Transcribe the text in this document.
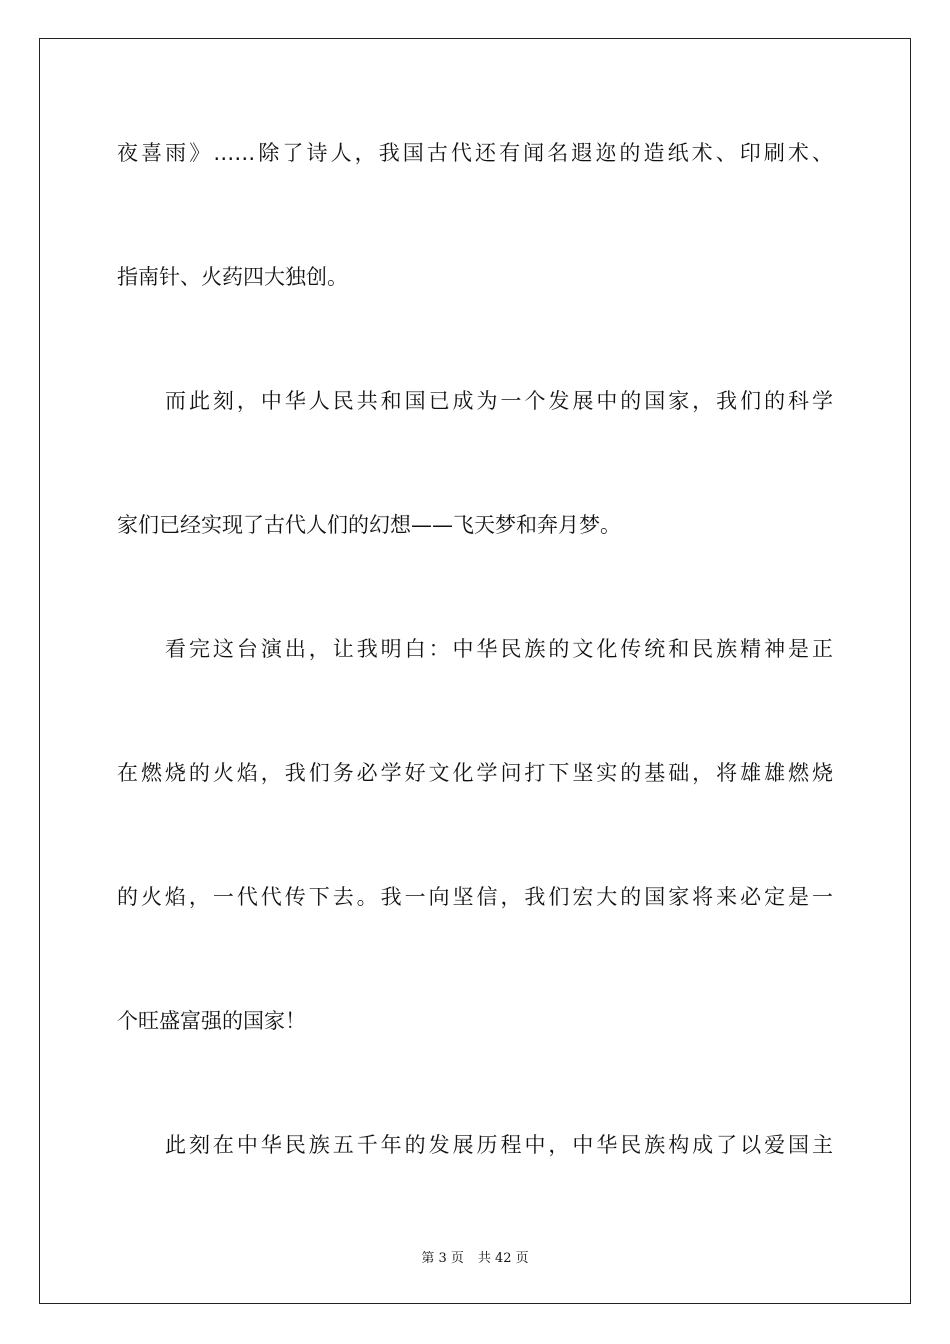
夜喜雨》……除了诗人，我国古代还有闻名遐迩的造纸术、印刷术、

指南针、火药四大独创。

而此刻，中华人民共和国已成为一个发展中的国家，我们的科学

家们已经实现了古代人们的幻想——飞天梦和奔月梦。

看完这台演出，让我明白：中华民族的文化传统和民族精神是正

在燃烧的火焰，我们务必学好文化学问打下坚实的基础，将雄雄燃烧

的火焰，一代代传下去。我一向坚信，我们宏大的国家将来必定是一

个旺盛富强的国家！

此刻在中华民族五千年的发展历程中，中华民族构成了以爱国主

第 3 页 共 42 页
